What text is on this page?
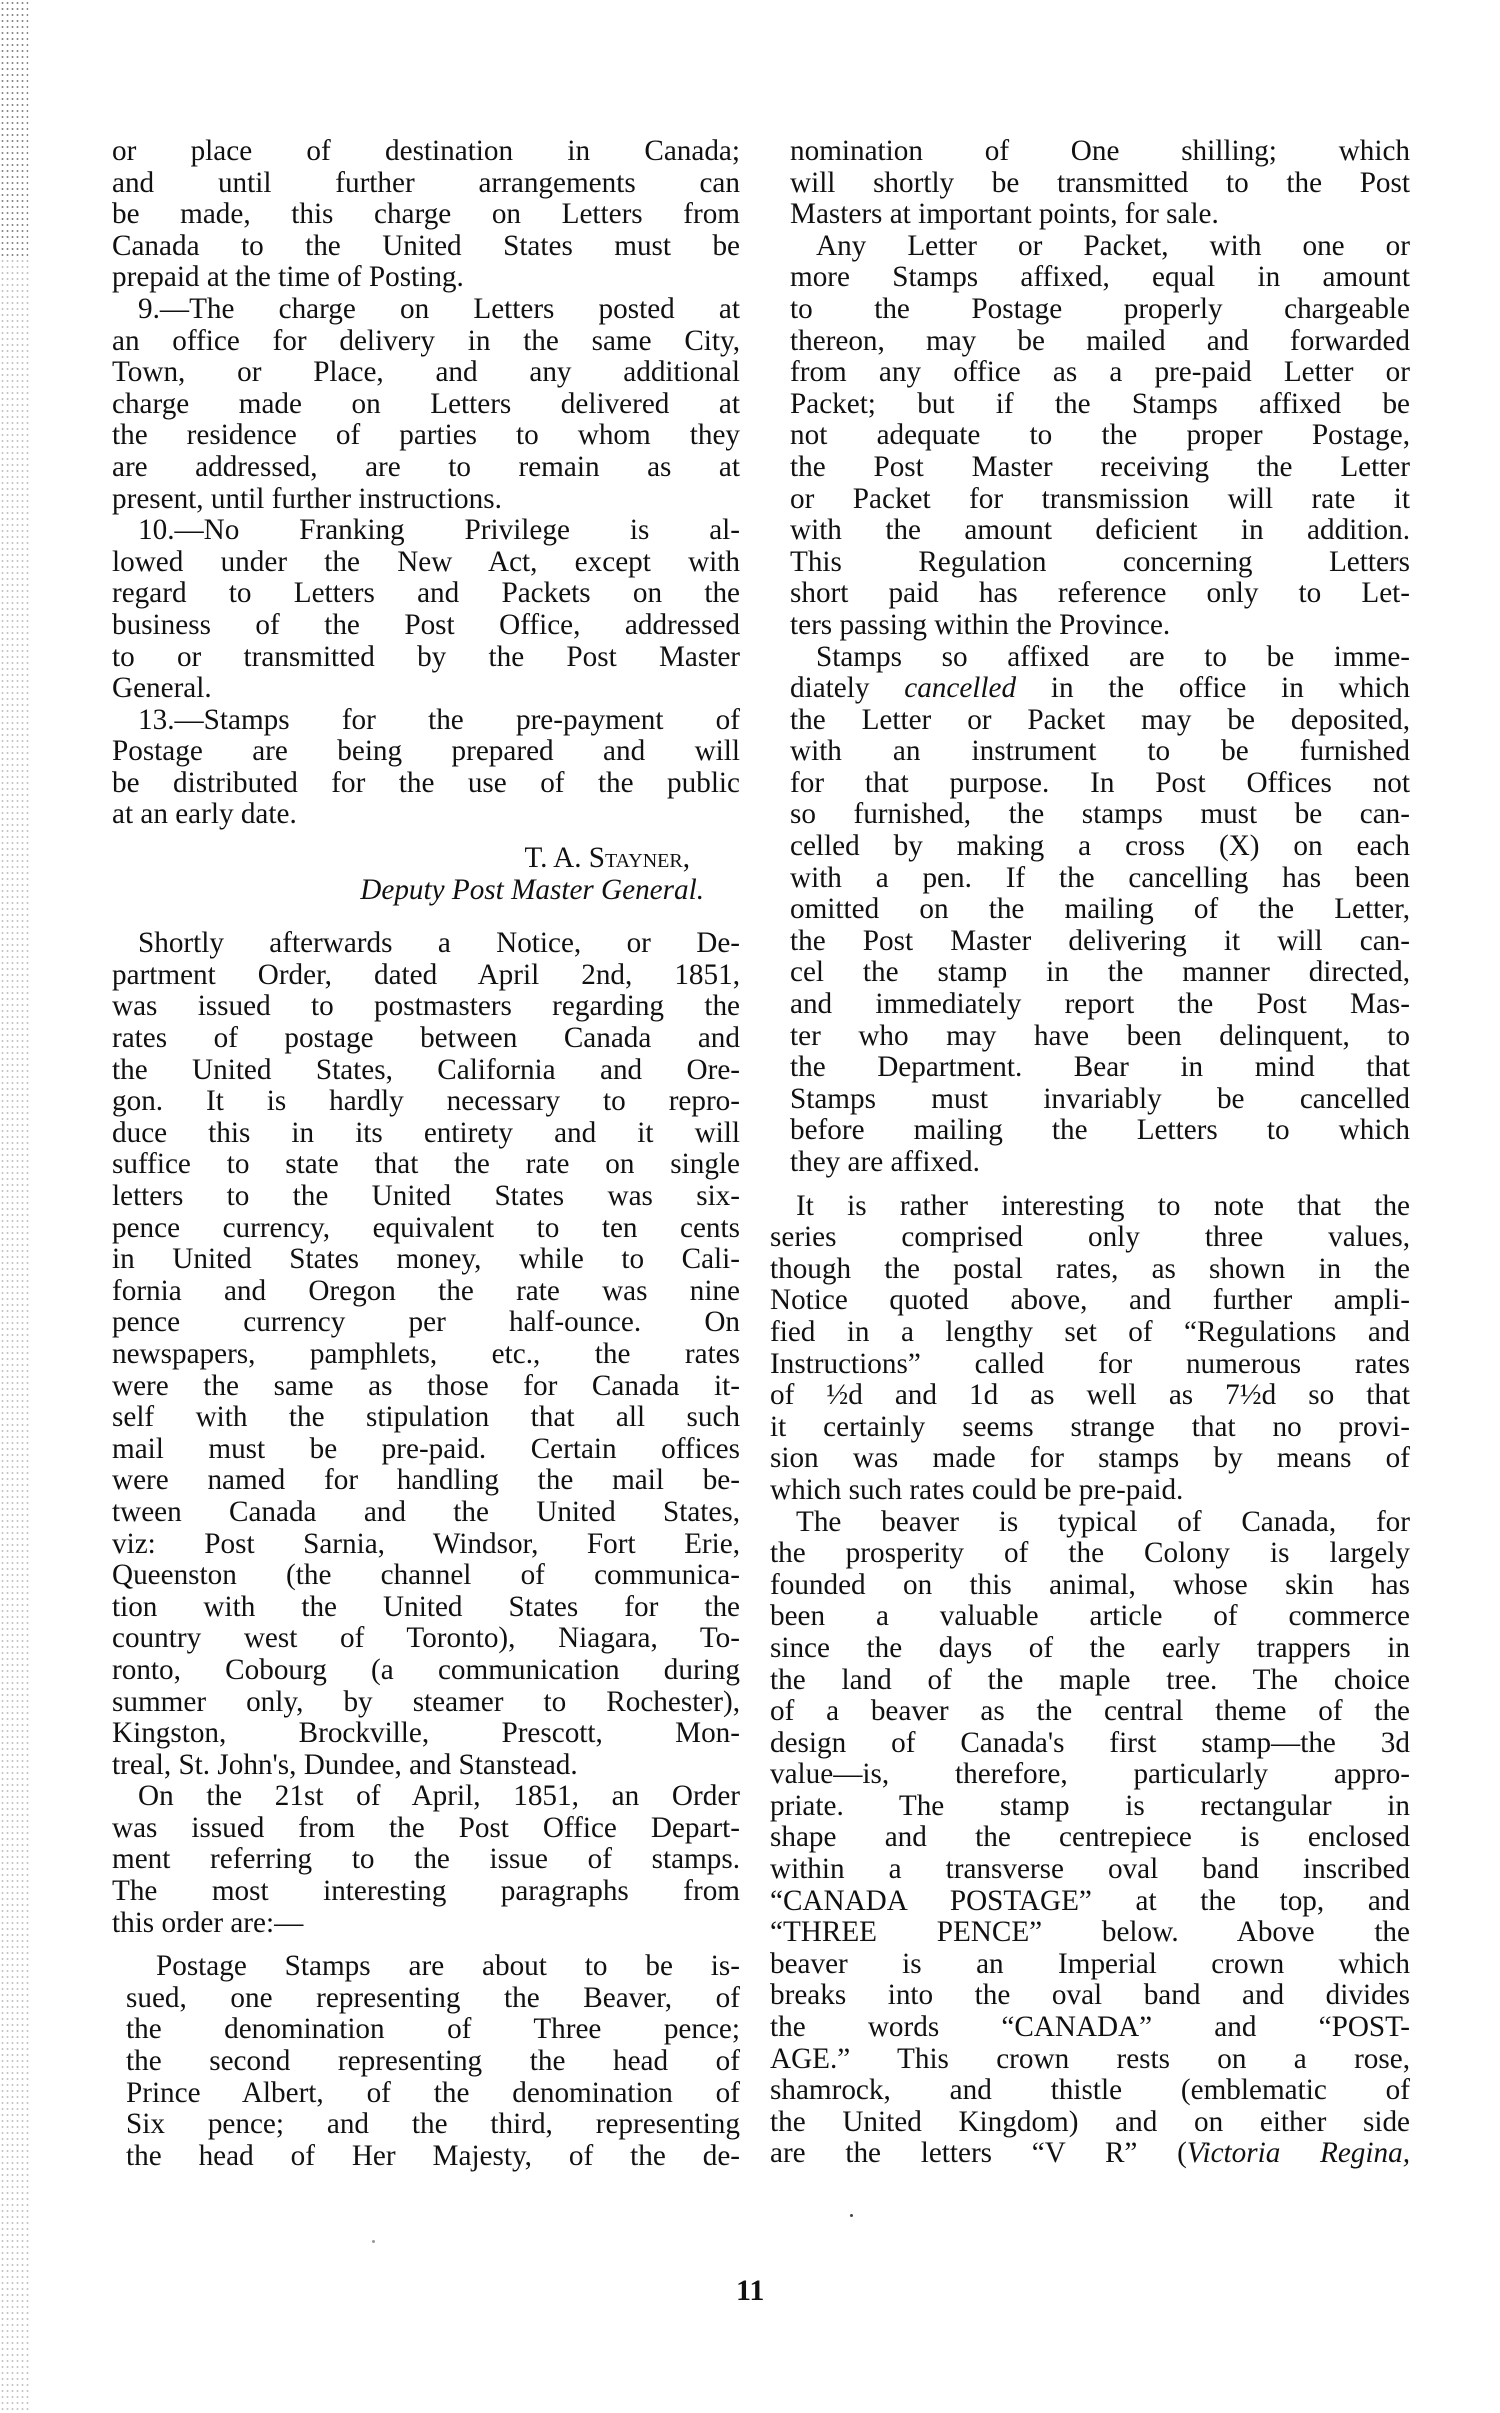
or place of destination in Canada;
and until further arrangements can
be made, this charge on Letters from
Canada to the United States must be
prepaid at the time of Posting.
9.—The charge on Letters posted at
an office for delivery in the same City,
Town, or Place, and any additional
charge made on Letters delivered at
the residence of parties to whom they
are addressed, are to remain as at
present, until further instructions.
10.—No Franking Privilege is al-
lowed under the New Act, except with
regard to Letters and Packets on the
business of the Post Office, addressed
to or transmitted by the Post Master
General.
13.—Stamps for the pre-payment of
Postage are being prepared and will
be distributed for the use of the public
at an early date.
T. A. Stayner,
Deputy Post Master General.
Shortly afterwards a Notice, or De-
partment Order, dated April 2nd, 1851,
was issued to postmasters regarding the
rates of postage between Canada and
the United States, California and Ore-
gon. It is hardly necessary to repro-
duce this in its entirety and it will
suffice to state that the rate on single
letters to the United States was six-
pence currency, equivalent to ten cents
in United States money, while to Cali-
fornia and Oregon the rate was nine
pence currency per half-ounce. On
newspapers, pamphlets, etc., the rates
were the same as those for Canada it-
self with the stipulation that all such
mail must be pre-paid. Certain offices
were named for handling the mail be-
tween Canada and the United States,
viz: Post Sarnia, Windsor, Fort Erie,
Queenston (the channel of communica-
tion with the United States for the
country west of Toronto), Niagara, To-
ronto, Cobourg (a communication during
summer only, by steamer to Rochester),
Kingston, Brockville, Prescott, Mon-
treal, St. John's, Dundee, and Stanstead.
On the 21st of April, 1851, an Order
was issued from the Post Office Depart-
ment referring to the issue of stamps.
The most interesting paragraphs from
this order are:—
Postage Stamps are about to be is-
sued, one representing the Beaver, of
the denomination of Three pence;
the second representing the head of
Prince Albert, of the denomination of
Six pence; and the third, representing
the head of Her Majesty, of the de-
nomination of One shilling; which
will shortly be transmitted to the Post
Masters at important points, for sale.
Any Letter or Packet, with one or
more Stamps affixed, equal in amount
to the Postage properly chargeable
thereon, may be mailed and forwarded
from any office as a pre-paid Letter or
Packet; but if the Stamps affixed be
not adequate to the proper Postage,
the Post Master receiving the Letter
or Packet for transmission will rate it
with the amount deficient in addition.
This Regulation concerning Letters
short paid has reference only to Let-
ters passing within the Province.
Stamps so affixed are to be imme-
diately cancelled in the office in which
the Letter or Packet may be deposited,
with an instrument to be furnished
for that purpose. In Post Offices not
so furnished, the stamps must be can-
celled by making a cross (X) on each
with a pen. If the cancelling has been
omitted on the mailing of the Letter,
the Post Master delivering it will can-
cel the stamp in the manner directed,
and immediately report the Post Mas-
ter who may have been delinquent, to
the Department. Bear in mind that
Stamps must invariably be cancelled
before mailing the Letters to which
they are affixed.
It is rather interesting to note that the
series comprised only three values,
though the postal rates, as shown in the
Notice quoted above, and further ampli-
fied in a lengthy set of “Regulations and
Instructions” called for numerous rates
of ½d and 1d as well as 7½d so that
it certainly seems strange that no provi-
sion was made for stamps by means of
which such rates could be pre-paid.
The beaver is typical of Canada, for
the prosperity of the Colony is largely
founded on this animal, whose skin has
been a valuable article of commerce
since the days of the early trappers in
the land of the maple tree. The choice
of a beaver as the central theme of the
design of Canada's first stamp—the 3d
value—is, therefore, particularly appro-
priate. The stamp is rectangular in
shape and the centrepiece is enclosed
within a transverse oval band inscribed
“CANADA POSTAGE” at the top, and
“THREE PENCE” below. Above the
beaver is an Imperial crown which
breaks into the oval band and divides
the words “CANADA” and “POST-
AGE.” This crown rests on a rose,
shamrock, and thistle (emblematic of
the United Kingdom) and on either side
are the letters “V R” (Victoria Regina,
11
